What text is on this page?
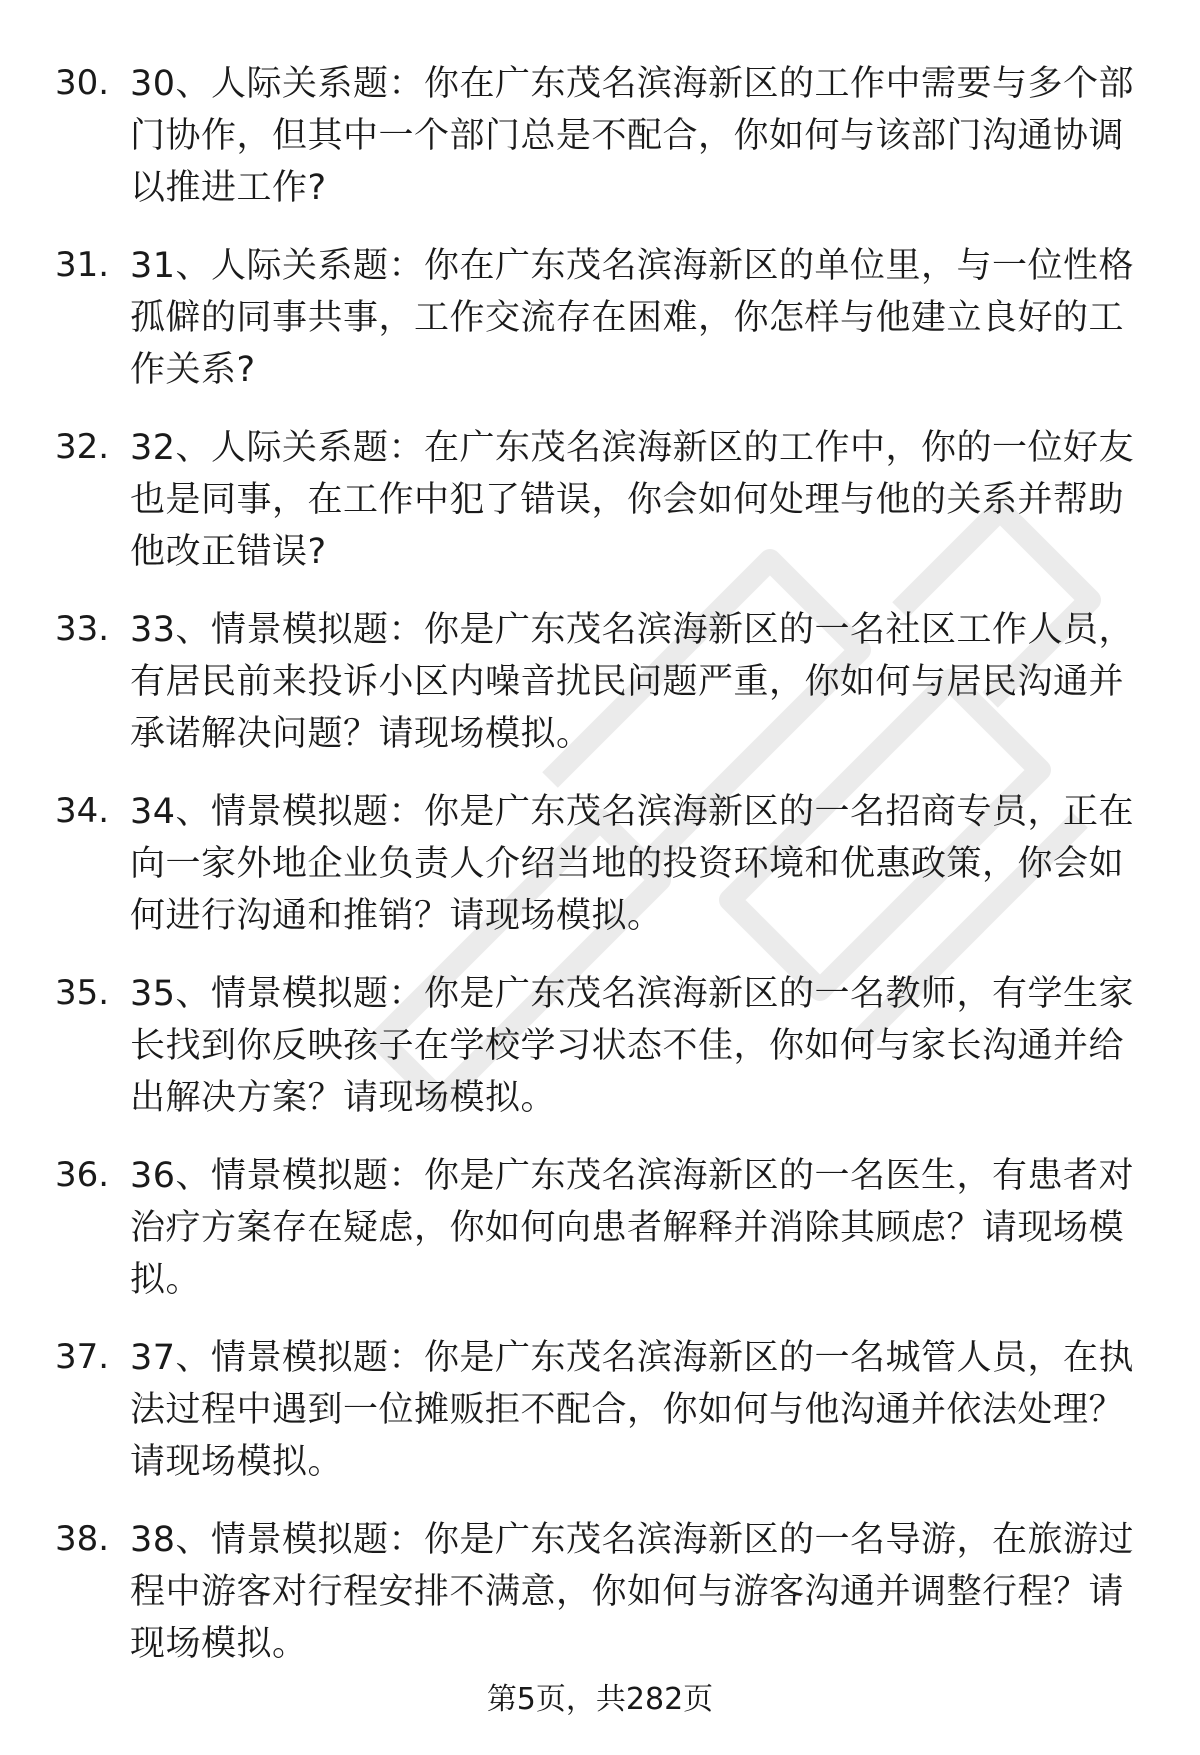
30. 30、人际关系题：你在广东茂名滨海新区的工作中需要与多个部门协作，但其中一个部门总是不配合，你如何与该部门沟通协调以推进工作?
31. 31、人际关系题：你在广东茂名滨海新区的单位里，与一位性格孤僻的同事共事，工作交流存在困难，你怎样与他建立良好的工作关系?
32. 32、人际关系题：在广东茂名滨海新区的工作中，你的一位好友也是同事，在工作中犯了错误，你会如何处理与他的关系并帮助他改正错误?
33. 33、情景模拟题：你是广东茂名滨海新区的一名社区工作人员，有居民前来投诉小区内噪音扰民问题严重，你如何与居民沟通并承诺解决问题？请现场模拟。
34. 34、情景模拟题：你是广东茂名滨海新区的一名招商专员，正在向一家外地企业负责人介绍当地的投资环境和优惠政策，你会如何进行沟通和推销？请现场模拟。
35. 35、情景模拟题：你是广东茂名滨海新区的一名教师，有学生家长找到你反映孩子在学校学习状态不佳，你如何与家长沟通并给出解决方案？请现场模拟。
36. 36、情景模拟题：你是广东茂名滨海新区的一名医生，有患者对治疗方案存在疑虑，你如何向患者解释并消除其顾虑？请现场模拟。
37. 37、情景模拟题：你是广东茂名滨海新区的一名城管人员，在执法过程中遇到一位摊贩拒不配合，你如何与他沟通并依法处理？请现场模拟。
38. 38、情景模拟题：你是广东茂名滨海新区的一名导游，在旅游过程中游客对行程安排不满意，你如何与游客沟通并调整行程？请现场模拟。
第5页，共282页
